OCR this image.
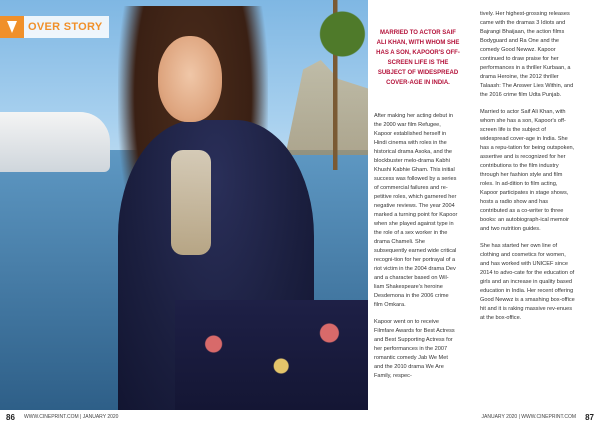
OVER STORY	MARRIED TO ACTOR SAIF ALI KHAN, WITH WHOM SHE HAS A SON, KAPOOR'S OFF-SCREEN LIFE IS THE SUBJECT OF WIDESPREAD COVER-AGE IN INDIA.

After making her acting debut in the 2000 war film Refugee, Kapoor established herself in Hindi cinema with roles in the historical drama Asoka, and the blockbuster melo-drama Kabhi Khushi Kabhie Gham. This initial success was followed by a series of commercial failures and re-petitive roles, which garnered her negative reviews. The year 2004 marked a turning point for Kapoor when she played against type in the role of a sex worker in the drama Chameli. She subsequently earned wide critical recogni-tion for her portrayal of a riot victim in the 2004 drama Dev and a character based on Wil-liam Shakespeare's heroine Desdemona in the 2006 crime film Omkara.

Kapoor went on to receive Filmfare Awards for Best Actress and Best Supporting Actress for her performances in the 2007 romantic comedy Jab We Met and the 2010 drama We Are Family, respec-

tively. Her highest-grossing releases came with the dramas 3 Idiots and Bajrangi Bhaijaan, the action films Bodyguard and Ra One and the comedy Good Newwz. Kapoor continued to draw praise for her performances in a thriller Kurbaan, a drama Heroine, the 2012 thriller Talaash: The Answer Lies Within, and the 2016 crime film Udta Punjab.

Married to actor Saif Ali Khan, with whom she has a son, Kapoor's off-screen life is the subject of widespread cover-age in India. She has a repu-tation for being outspoken, assertive and is recognized for her contributions to the film industry through her fashion style and film roles. In ad-dition to film acting, Kapoor participates in stage shows, hosts a radio show and has contributed as a co-writer to three books: an autobiograph-ical memoir and two nutrition guides.

She has started her own line of clothing and cosmetics for women, and has worked with UNICEF since 2014 to advo-cate for the education of girls and an increase in quality based education in India. Her recent offering Good Newwz is a smashing box-office hit and it is raking massive rev-enues at the box-office.

86 WWW.CINEPRINT.COM | JANUARY 2020	JANUARY 2020 | WWW.CINEPRINT.COM 87
